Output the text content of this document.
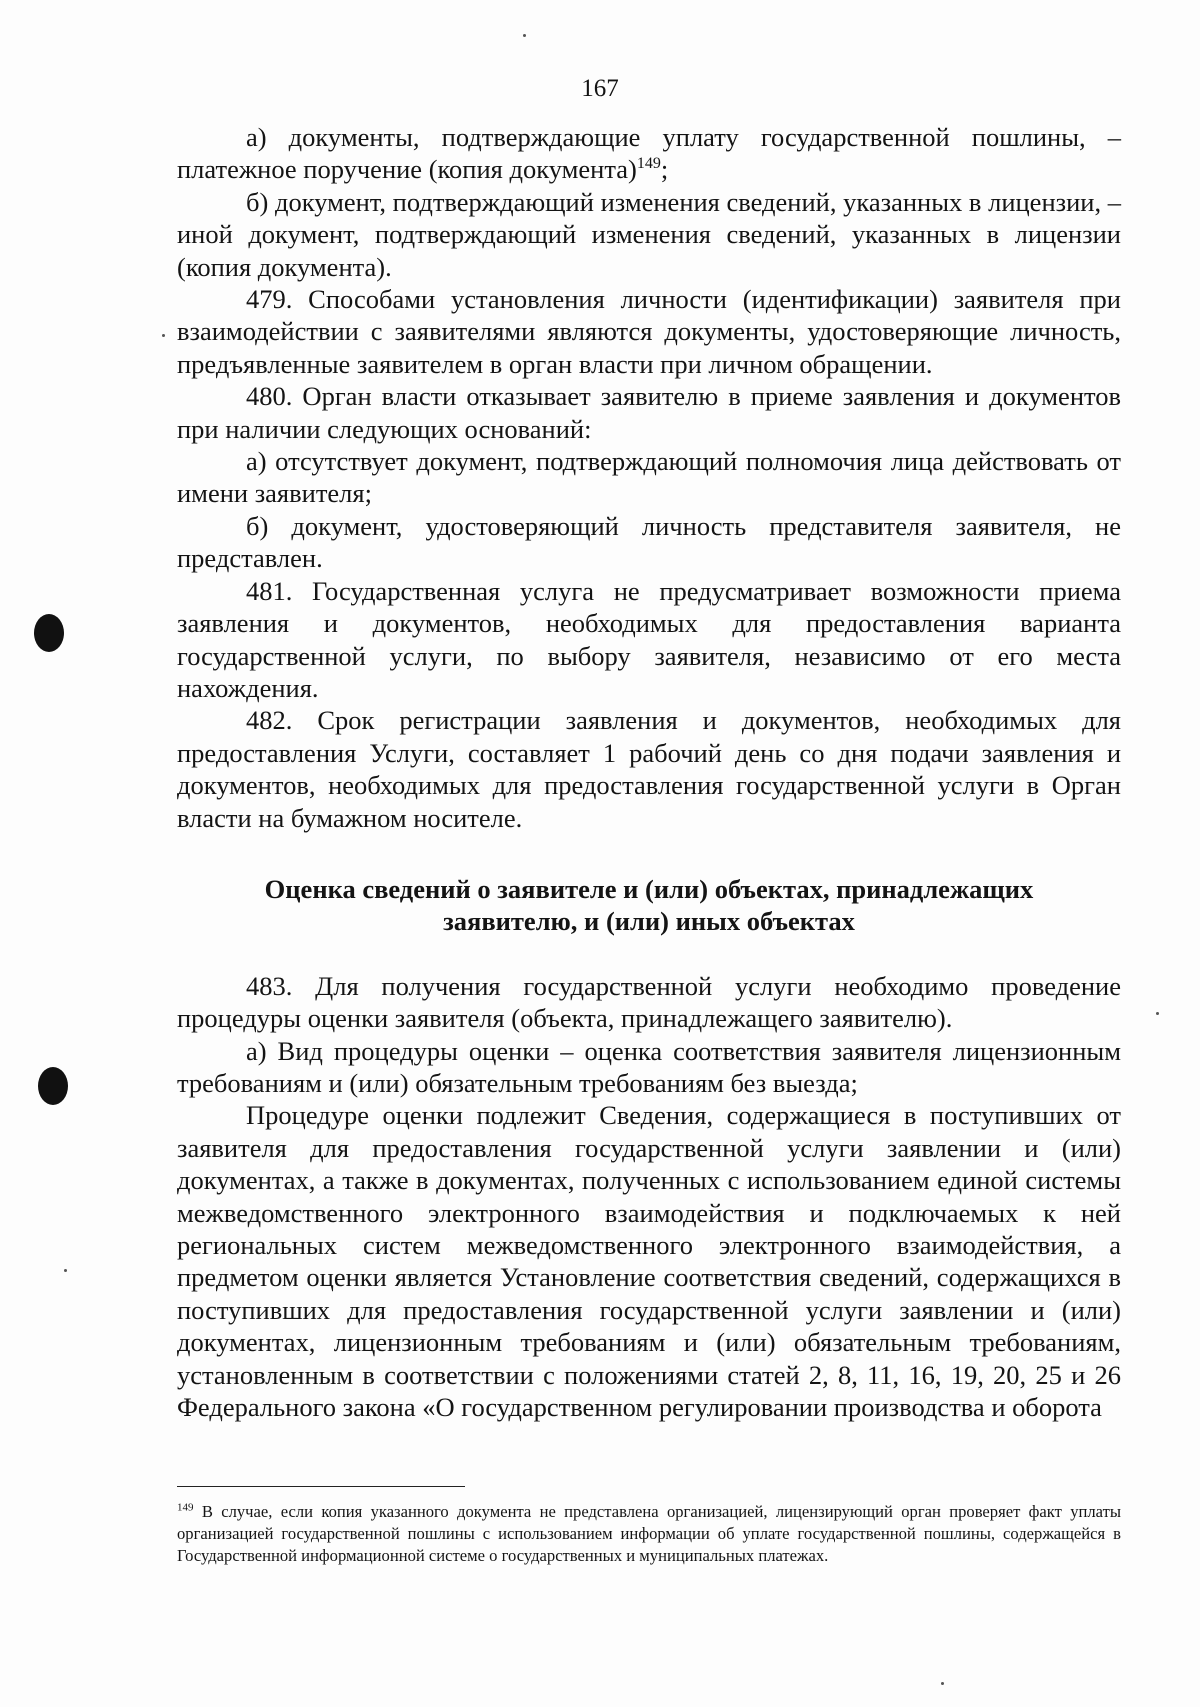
167

а) документы, подтверждающие уплату государственной пошлины, – платежное поручение (копия документа)$^{149}$;

б) документ, подтверждающий изменения сведений, указанных в лицензии, – иной документ, подтверждающий изменения сведений, указанных в лицензии (копия документа).

479. Способами установления личности (идентификации) заявителя при взаимодействии с заявителями являются документы, удостоверяющие личность, предъявленные заявителем в орган власти при личном обращении.

480. Орган власти отказывает заявителю в приеме заявления и документов при наличии следующих оснований:

а) отсутствует документ, подтверждающий полномочия лица действовать от имени заявителя;

б) документ, удостоверяющий личность представителя заявителя, не представлен.

481. Государственная услуга не предусматривает возможности приема заявления и документов, необходимых для предоставления варианта государственной услуги, по выбору заявителя, независимо от его места нахождения.

482. Срок регистрации заявления и документов, необходимых для предоставления Услуги, составляет 1 рабочий день со дня подачи заявления и документов, необходимых для предоставления государственной услуги в Орган власти на бумажном носителе.

Оценка сведений о заявителе и (или) объектах, принадлежащих заявителю, и (или) иных объектах

483. Для получения государственной услуги необходимо проведение процедуры оценки заявителя (объекта, принадлежащего заявителю).

а) Вид процедуры оценки – оценка соответствия заявителя лицензионным требованиям и (или) обязательным требованиям без выезда;

Процедуре оценки подлежит Сведения, содержащиеся в поступивших от заявителя для предоставления государственной услуги заявлении и (или) документах, а также в документах, полученных с использованием единой системы межведомственного электронного взаимодействия и подключаемых к ней региональных систем межведомственного электронного взаимодействия, а предметом оценки является Установление соответствия сведений, содержащихся в поступивших для предоставления государственной услуги заявлении и (или) документах, лицензионным требованиям и (или) обязательным требованиям, установленным в соответствии с положениями статей 2, 8, 11, 16, 19, 20, 25 и 26 Федерального закона «О государственном регулировании производства и оборота

$^{149}$ В случае, если копия указанного документа не представлена организацией, лицензирующий орган проверяет факт уплаты организацией государственной пошлины с использованием информации об уплате государственной пошлины, содержащейся в Государственной информационной системе о государственных и муниципальных платежах.
